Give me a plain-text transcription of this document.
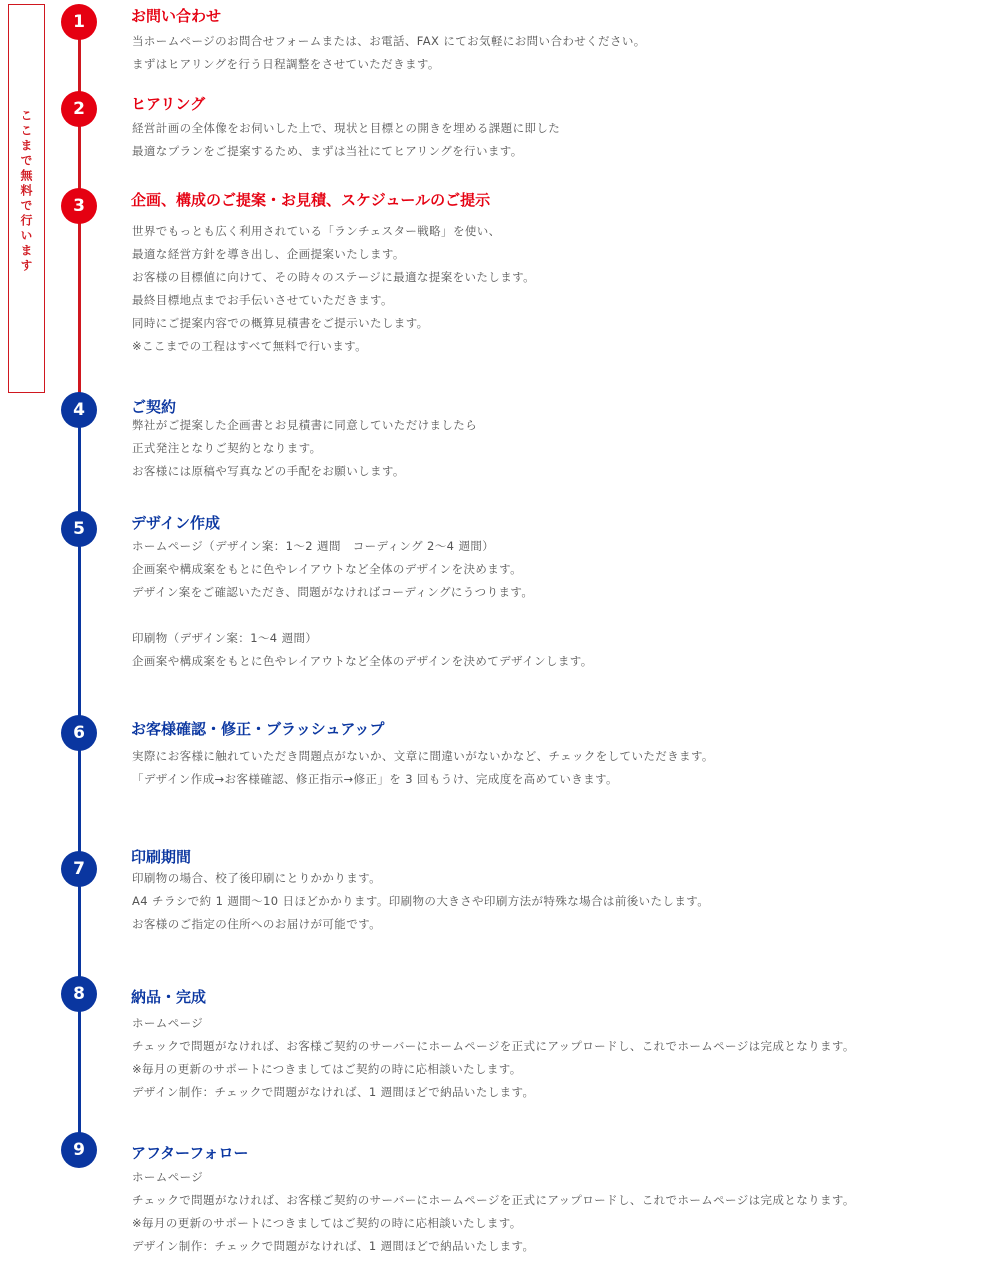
ここまで無料で行います
1	お問い合わせ
当ホームページのお問合せフォームまたは、お電話、FAX にてお気軽にお問い合わせください。
まずはヒアリングを行う日程調整をさせていただきます。
2	ヒアリング
経営計画の全体像をお伺いした上で、現状と目標との開きを埋める課題に即した
最適なプランをご提案するため、まずは当社にてヒアリングを行います。
3	企画、構成のご提案・お見積、スケジュールのご提示
世界でもっとも広く利用されている「ランチェスター戦略」を使い、
最適な経営方針を導き出し、企画提案いたします。
お客様の目標値に向けて、その時々のステージに最適な提案をいたします。
最終目標地点までお手伝いさせていただきます。
同時にご提案内容での概算見積書をご提示いたします。
※ここまでの工程はすべて無料で行います。
4	ご契約
弊社がご提案した企画書とお見積書に同意していただけましたら
正式発注となりご契約となります。
お客様には原稿や写真などの手配をお願いします。
5	デザイン作成
ホームページ（デザイン案：1〜2 週間　コーディング 2〜4 週間）
企画案や構成案をもとに色やレイアウトなど全体のデザインを決めます。
デザイン案をご確認いただき、問題がなければコーディングにうつります。
印刷物（デザイン案：1〜4 週間）
企画案や構成案をもとに色やレイアウトなど全体のデザインを決めてデザインします。
6	お客様確認・修正・ブラッシュアップ
実際にお客様に触れていただき問題点がないか、文章に間違いがないかなど、チェックをしていただきます。
「デザイン作成→お客様確認、修正指示→修正」を 3 回もうけ、完成度を高めていきます。
7
印刷期間
印刷物の場合、校了後印刷にとりかかります。
A4 チラシで約 1 週間〜10 日ほどかかります。印刷物の大きさや印刷方法が特殊な場合は前後いたします。
お客様のご指定の住所へのお届けが可能です。
8	納品・完成
ホームページ
チェックで問題がなければ、お客様ご契約のサーバーにホームページを正式にアップロードし、これでホームページは完成となります。
※毎月の更新のサポートにつきましてはご契約の時に応相談いたします。
デザイン制作：チェックで問題がなければ、1 週間ほどで納品いたします。
9	アフターフォロー
ホームページ
チェックで問題がなければ、お客様ご契約のサーバーにホームページを正式にアップロードし、これでホームページは完成となります。
※毎月の更新のサポートにつきましてはご契約の時に応相談いたします。
デザイン制作：チェックで問題がなければ、1 週間ほどで納品いたします。
